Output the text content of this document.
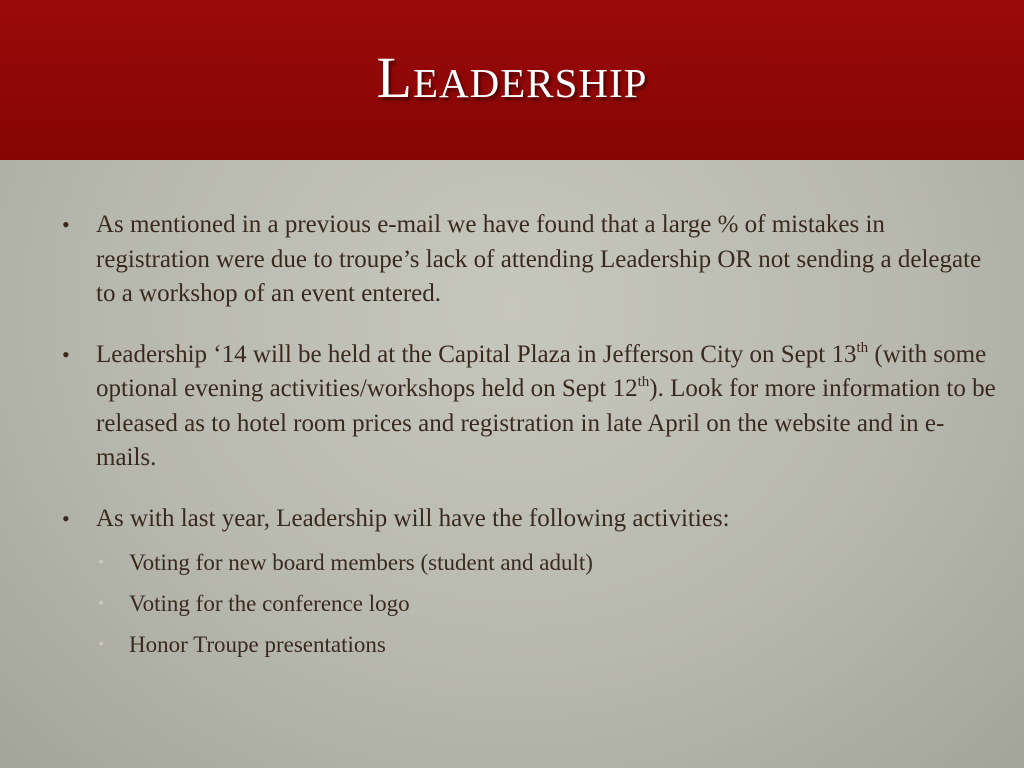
Leadership
•

As mentioned in a previous e-mail we have found that a large % of mistakes in registration were due to troupe’s lack of attending Leadership OR not sending a delegate to a workshop of an event entered.

•

Leadership ‘14 will be held at the Capital Plaza in Jefferson City on Sept 13th (with some optional evening activities/workshops held on Sept 12th). Look for more information to be released as to hotel room prices and registration in late April on the website and in e-mails.

•

As with last year, Leadership will have the following activities:

•
Voting for new board members (student and adult)
•
Voting for the conference logo
•
Honor Troupe presentations
